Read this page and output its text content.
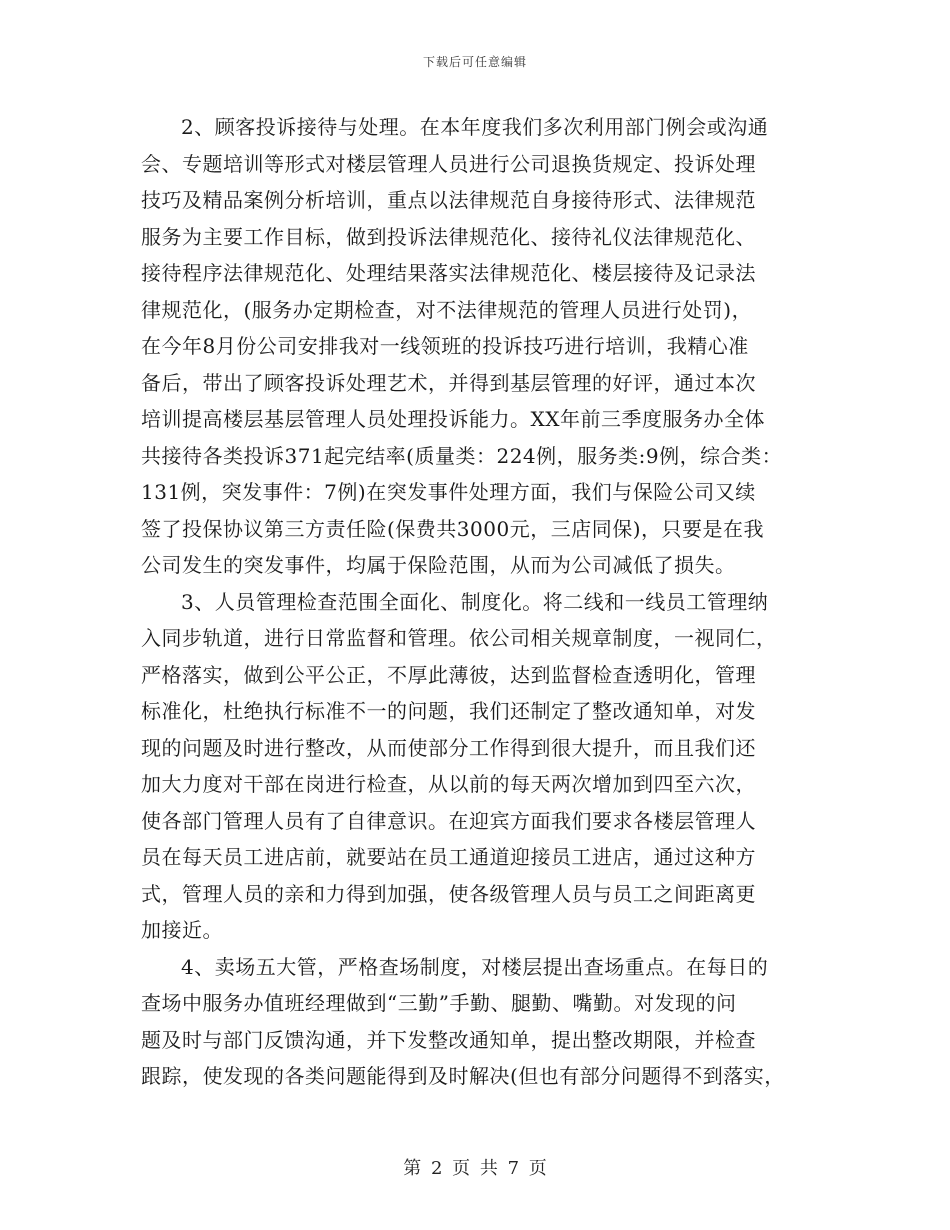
下载后可任意编辑
2、顾客投诉接待与处理。在本年度我们多次利用部门例会或沟通
会、专题培训等形式对楼层管理人员进行公司退换货规定、投诉处理
技巧及精品案例分析培训，重点以法律规范自身接待形式、法律规范
服务为主要工作目标，做到投诉法律规范化、接待礼仪法律规范化、
接待程序法律规范化、处理结果落实法律规范化、楼层接待及记录法
律规范化，(服务办定期检查，对不法律规范的管理人员进行处罚)，
在今年8月份公司安排我对一线领班的投诉技巧进行培训，我精心准
备后，带出了顾客投诉处理艺术，并得到基层管理的好评，通过本次
培训提高楼层基层管理人员处理投诉能力。XX年前三季度服务办全体
共接待各类投诉371起完结率(质量类：224例，服务类:9例，综合类：
131例，突发事件：7例)在突发事件处理方面，我们与保险公司又续
签了投保协议第三方责任险(保费共3000元，三店同保)，只要是在我
公司发生的突发事件，均属于保险范围，从而为公司减低了损失。
3、人员管理检查范围全面化、制度化。将二线和一线员工管理纳
入同步轨道，进行日常监督和管理。依公司相关规章制度，一视同仁，
严格落实，做到公平公正，不厚此薄彼，达到监督检查透明化，管理
标准化，杜绝执行标准不一的问题，我们还制定了整改通知单，对发
现的问题及时进行整改，从而使部分工作得到很大提升，而且我们还
加大力度对干部在岗进行检查，从以前的每天两次增加到四至六次，
使各部门管理人员有了自律意识。在迎宾方面我们要求各楼层管理人
员在每天员工进店前，就要站在员工通道迎接员工进店，通过这种方
式，管理人员的亲和力得到加强，使各级管理人员与员工之间距离更
加接近。
4、卖场五大管，严格查场制度，对楼层提出查场重点。在每日的
查场中服务办值班经理做到“三勤”手勤、腿勤、嘴勤。对发现的问
题及时与部门反馈沟通，并下发整改通知单，提出整改期限，并检查
跟踪，使发现的各类问题能得到及时解决(但也有部分问题得不到落实，
第 2 页 共 7 页
